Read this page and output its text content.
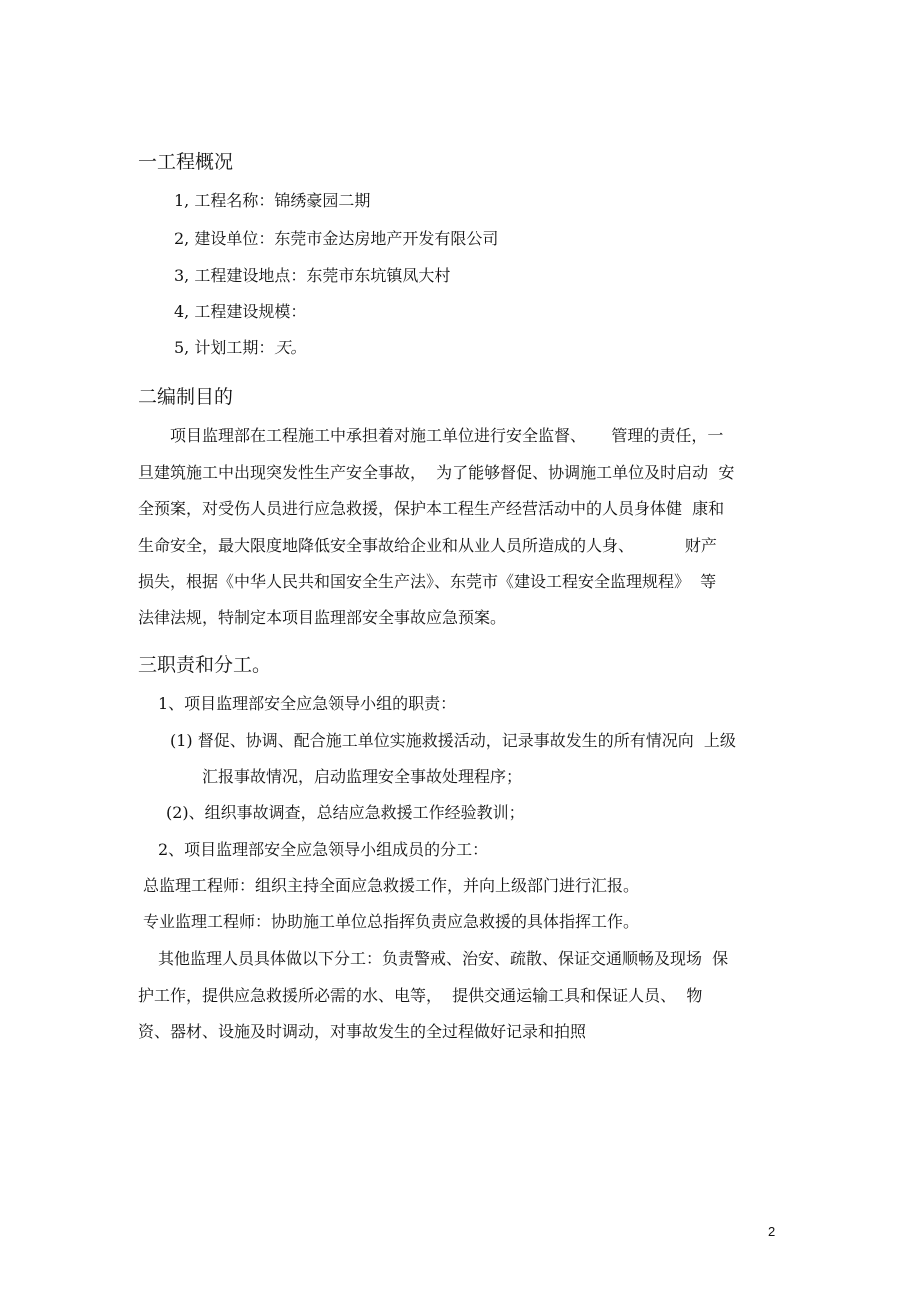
一工程概况
1, 工程名称：锦绣豪园二期
2, 建设单位：东莞市金达房地产开发有限公司
3, 工程建设地点：东莞市东坑镇凤大村
4, 工程建设规模：
5, 计划工期：天。
二编制目的
项目监理部在工程施工中承担着对施工单位进行安全监督、     管理的责任，一
旦建筑施工中出现突发性生产安全事故，  为了能够督促、协调施工单位及时启动  安
全预案，对受伤人员进行应急救援，保护本工程生产经营活动中的人员身体健  康和
生命安全，最大限度地降低安全事故给企业和从业人员所造成的人身、          财产
损失，根据《中华人民共和国安全生产法》、东莞市《建设工程安全监理规程》  等
法律法规，特制定本项目监理部安全事故应急预案。
三职责和分工。
1、项目监理部安全应急领导小组的职责：
(1) 督促、协调、配合施工单位实施救援活动，记录事故发生的所有情况向  上级
汇报事故情况，启动监理安全事故处理程序；
(2)、组织事故调查，总结应急救援工作经验教训；
2、项目监理部安全应急领导小组成员的分工：
总监理工程师：组织主持全面应急救援工作，并向上级部门进行汇报。
专业监理工程师：协助施工单位总指挥负责应急救援的具体指挥工作。
其他监理人员具体做以下分工：负责警戒、治安、疏散、保证交通顺畅及现场  保
护工作，提供应急救援所必需的水、电等，  提供交通运输工具和保证人员、  物
资、器材、设施及时调动，对事故发生的全过程做好记录和拍照
2
